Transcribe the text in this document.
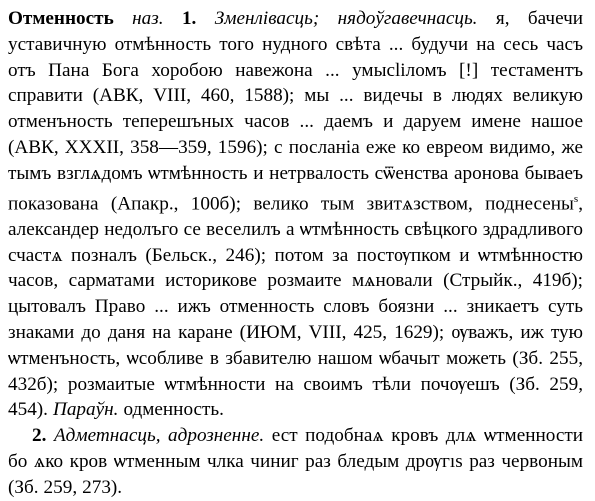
Отменность наз. 1. Зменлівасць; нядоўгавечнасць. я, бачечи уставичную отмѣнность того нудного свѣта ... будучи на сесь часъ отъ Пана Бога хоробою навежона ... умысliломъ [!] тестаментъ справити (АВК, VIII, 460, 1588); мы ... видечы в людях великую отменъность теперешъных часов ... даемъ и даруем имене нашое (АВК, XXXII, 358—359, 1596); с посланіа еже ко евреом видимо, же тымъ взглѧдомъ ѡтмѣнность и нетрвалость сѿенства аронова бываеъ показована (Апакр., 100б); велико тым звитѧзством, поднесены$^s$, александер недолъго се веселилъ а ѡтмѣнность свѣцкого здрадливого счастѧ позналъ (Бельск., 246); потом за постѹпком и ѡтмѣнностю часов, сарматами историкове розмаите мѧновали (Стрыйк., 419б); цытовалъ Право ... ижъ отменность словъ боязни ... зникаетъ суть знаками до даня на каране (ИЮМ, VIII, 425, 1629); ѹважъ, иж тую ѡтменъность, ѡсобливе в збавителю нашом ѡбачыт можеть (Зб. 255, 432б); розмаитые ѡтмѣнности на своимъ тѣли почѹешъ (Зб. 259, 454). Параўн. одменность.

2. Адметнасць, адрозненне. ест подобнаѧ кровъ длѧ ѡтменности бо ѧко кров ѡтменным члка чиниг раз бледым дрѹгıs раз червоным (Зб. 259, 273).
